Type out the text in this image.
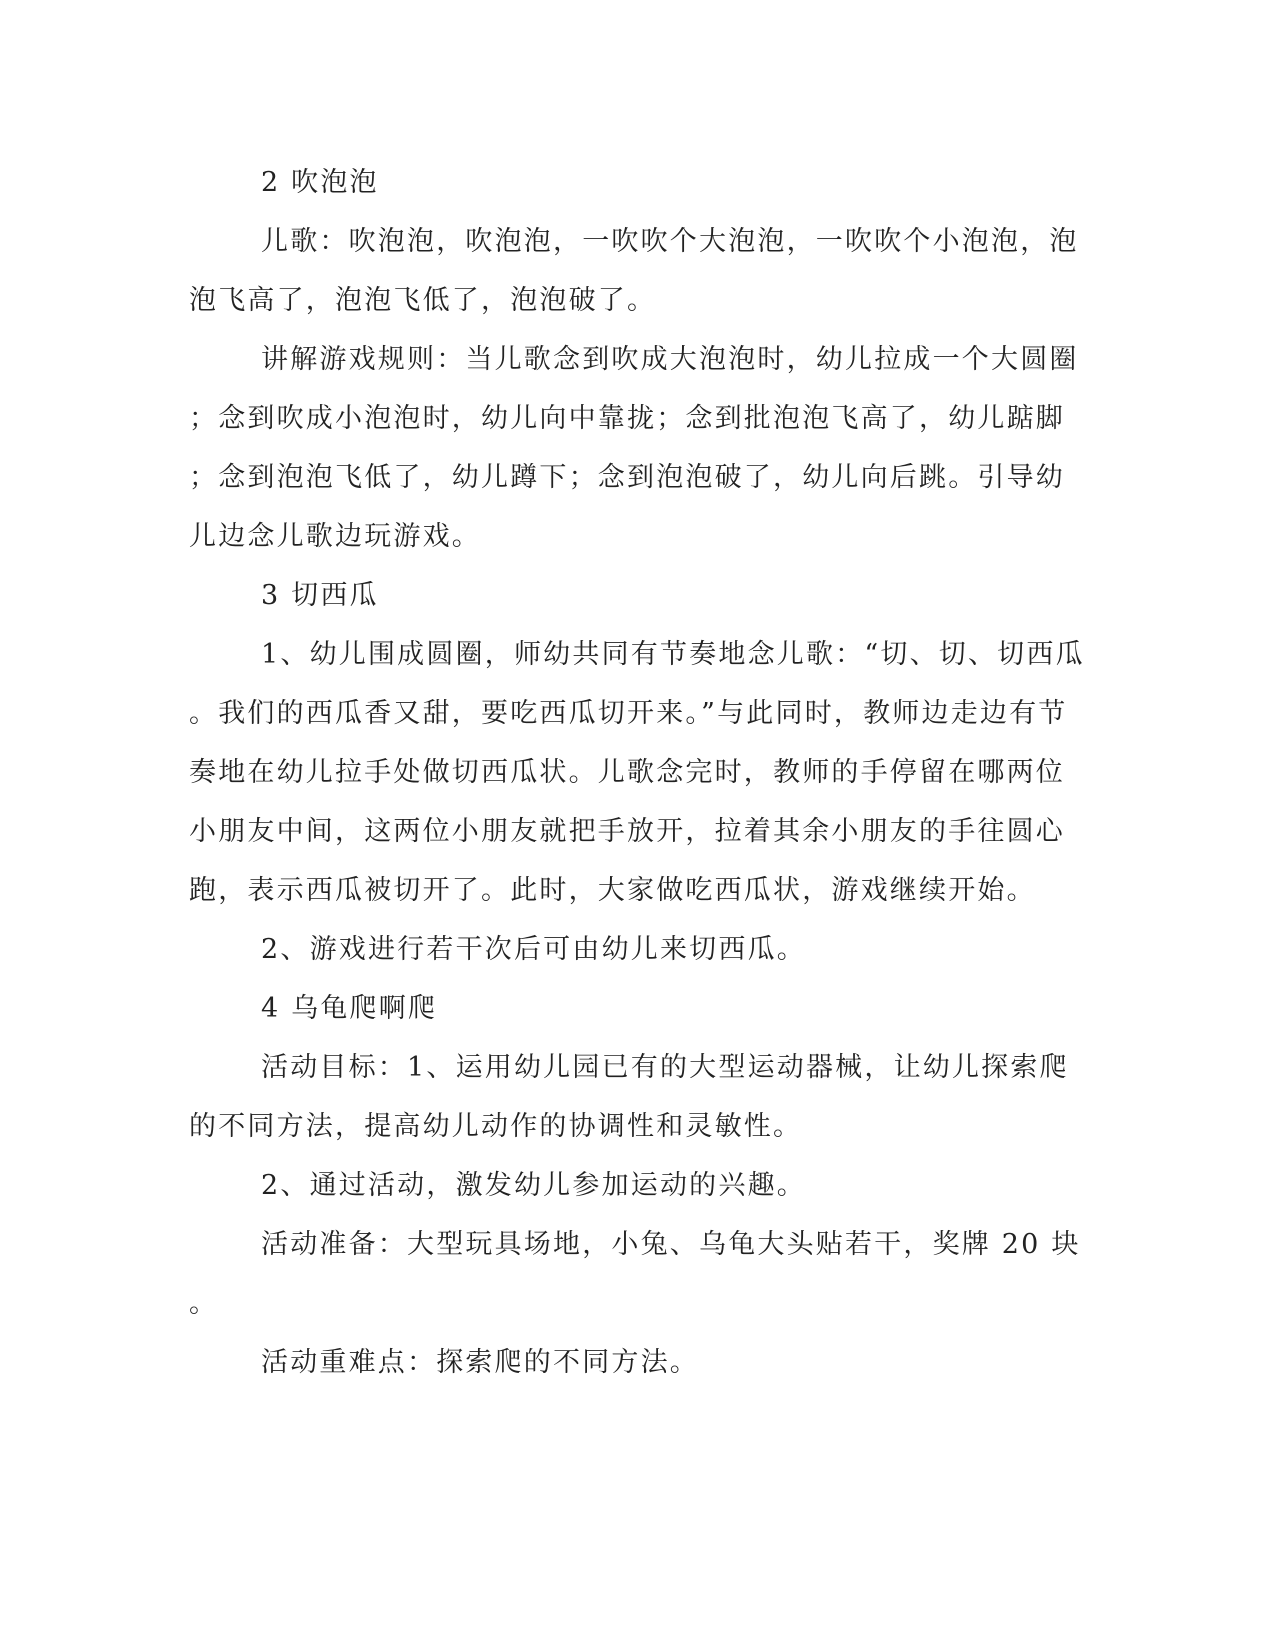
2 吹泡泡
儿歌：吹泡泡，吹泡泡，一吹吹个大泡泡，一吹吹个小泡泡，泡
泡飞高了，泡泡飞低了，泡泡破了。
讲解游戏规则：当儿歌念到吹成大泡泡时，幼儿拉成一个大圆圈
；念到吹成小泡泡时，幼儿向中靠拢；念到批泡泡飞高了，幼儿踮脚
；念到泡泡飞低了，幼儿蹲下；念到泡泡破了，幼儿向后跳。引导幼
儿边念儿歌边玩游戏。
3 切西瓜
1、幼儿围成圆圈，师幼共同有节奏地念儿歌：“切、切、切西瓜
。我们的西瓜香又甜，要吃西瓜切开来。”与此同时，教师边走边有节
奏地在幼儿拉手处做切西瓜状。儿歌念完时，教师的手停留在哪两位
小朋友中间，这两位小朋友就把手放开，拉着其余小朋友的手往圆心
跑，表示西瓜被切开了。此时，大家做吃西瓜状，游戏继续开始。
2、游戏进行若干次后可由幼儿来切西瓜。
4 乌龟爬啊爬
活动目标：1、运用幼儿园已有的大型运动器械，让幼儿探索爬
的不同方法，提高幼儿动作的协调性和灵敏性。
2、通过活动，激发幼儿参加运动的兴趣。
活动准备：大型玩具场地，小兔、乌龟大头贴若干，奖牌 20 块
。
活动重难点：探索爬的不同方法。
